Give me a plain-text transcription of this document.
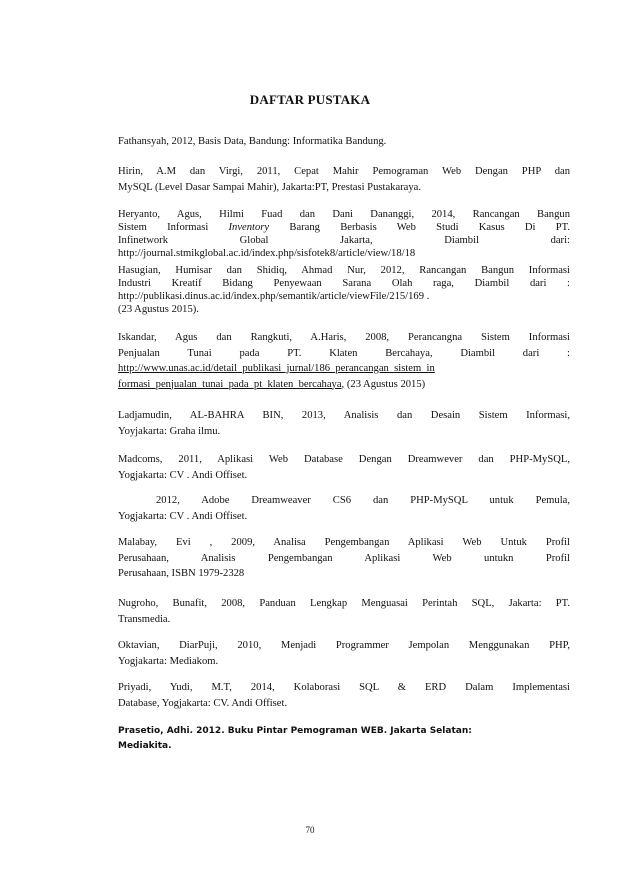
DAFTAR PUSTAKA
Fathansyah, 2012, Basis Data, Bandung: Informatika Bandung.
Hirin, A.M dan Virgi, 2011, Cepat Mahir Pemograman Web Dengan PHP dan
MySQL (Level Dasar Sampai Mahir), Jakarta:PT, Prestasi Pustakaraya.
Heryanto, Agus, Hilmi Fuad dan Dani Dananggi, 2014, Rancangan Bangun
Sistem Informasi Inventory Barang Berbasis Web Studi Kasus Di PT.
Infinetwork	Global	Jakarta,	Diambil	dari:
http://journal.stmikglobal.ac.id/index.php/sisfotek8/article/view/18/18
Hasugian, Humisar dan Shidiq, Ahmad Nur, 2012, Rancangan Bangun Informasi
Industri Kreatif Bidang Penyewaan Sarana Olah raga, Diambil dari :
http://publikasi.dinus.ac.id/index.php/semantik/article/viewFile/215/169 .
(23 Agustus 2015).
Iskandar, Agus dan Rangkuti, A.Haris, 2008, Perancangna Sistem Informasi
Penjualan Tunai pada PT. Klaten Bercahaya, Diambil dari :
http://www.unas.ac.id/detail_publikasi_jurnal/186_perancangan_sistem_in
formasi_penjualan_tunai_pada_pt_klaten_bercahaya, (23 Agustus 2015)
Ladjamudin, AL-BAHRA BIN, 2013, Analisis dan Desain Sistem Informasi,
Yoyjakarta: Graha ilmu.
Madcoms, 2011, Aplikasi Web Database Dengan Dreamwever dan PHP-MySQL,
Yogjakarta: CV . Andi Offiset.
2012, Adobe Dreamweaver CS6 dan PHP-MySQL untuk Pemula,
Yogjakarta: CV . Andi Offiset.
Malabay, Evi , 2009, Analisa Pengembangan Aplikasi Web Untuk Profil
Perusahaan, Analisis Pengembangan Aplikasi Web untukn Profil
Perusahaan, ISBN 1979-2328
Nugroho, Bunafit, 2008, Panduan Lengkap Menguasai Perintah SQL, Jakarta: PT.
Transmedia.
Oktavian, DiarPuji, 2010, Menjadi Programmer Jempolan Menggunakan PHP,
Yogjakarta: Mediakom.
Priyadi, Yudi, M.T, 2014, Kolaborasi SQL & ERD Dalam Implementasi
Database, Yogjakarta: CV. Andi Offiset.
Prasetio, Adhi. 2012. Buku Pintar Pemograman WEB. Jakarta Selatan:
Mediakita.
70
